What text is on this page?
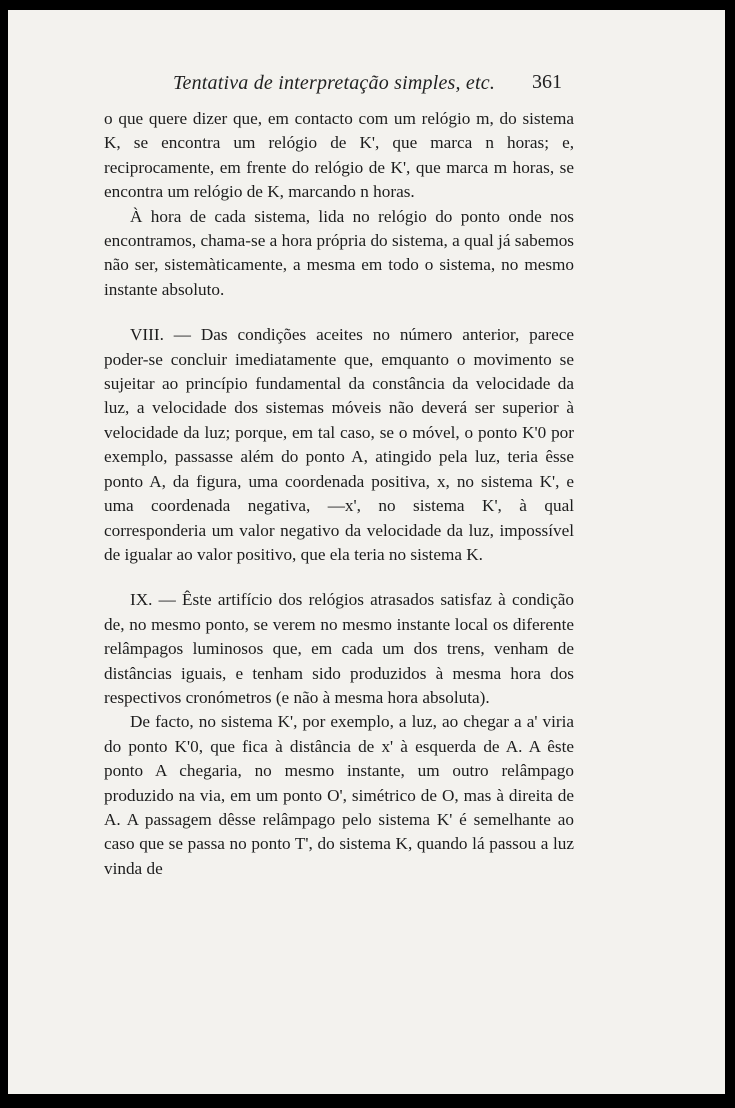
Tentativa de interpretação simples, etc. 361

o que quere dizer que, em contacto com um relógio m, do sistema K, se encontra um relógio de K', que marca n horas; e, reciprocamente, em frente do relógio de K', que marca m horas, se encontra um relógio de K, marcando n horas.

À hora de cada sistema, lida no relógio do ponto onde nos encontramos, chama-se a hora própria do sistema, a qual já sabemos não ser, sistemàticamente, a mesma em todo o sistema, no mesmo instante absoluto.

VIII. — Das condições aceites no número anterior, parece poder-se concluir imediatamente que, emquanto o movimento se sujeitar ao princípio fundamental da constância da velocidade da luz, a velocidade dos sistemas móveis não deverá ser superior à velocidade da luz; porque, em tal caso, se o móvel, o ponto K'0 por exemplo, passasse além do ponto A, atingido pela luz, teria êsse ponto A, da figura, uma coordenada positiva, x, no sistema K', e uma coordenada negativa, —x', no sistema K', à qual corresponderia um valor negativo da velocidade da luz, impossível de igualar ao valor positivo, que ela teria no sistema K.

IX. — Êste artifício dos relógios atrasados satisfaz à condição de, no mesmo ponto, se verem no mesmo instante local os diferente relâmpagos luminosos que, em cada um dos trens, venham de distâncias iguais, e tenham sido produzidos à mesma hora dos respectivos cronómetros (e não à mesma hora absoluta).

De facto, no sistema K', por exemplo, a luz, ao chegar a a' viria do ponto K'0, que fica à distância de x' à esquerda de A. A êste ponto A chegaria, no mesmo instante, um outro relâmpago produzido na via, em um ponto O', simétrico de O, mas à direita de A. A passagem dêsse relâmpago pelo sistema K' é semelhante ao caso que se passa no ponto T', do sistema K, quando lá passou a luz vinda de
